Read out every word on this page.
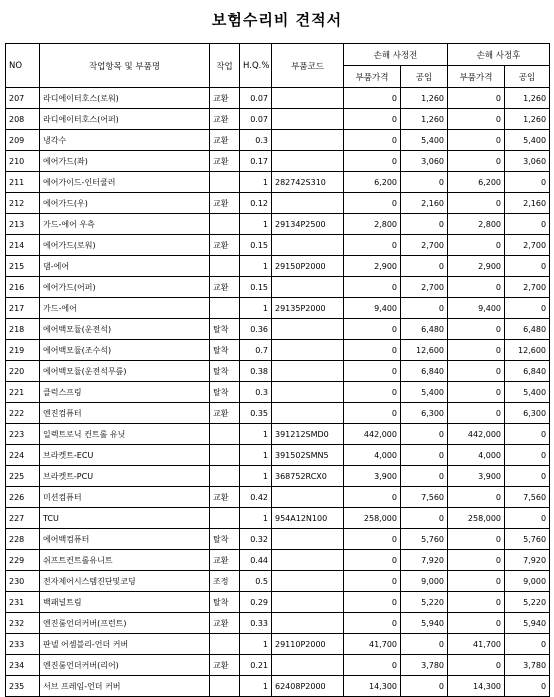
보험수리비 견적서
NO	작업항목 및 부품명	작업	H.Q.%	부품코드	손해 사정전		손해 사정후	
					부품가격	공임	부품가격	공임
207	라디에이터호스(로워)	교환	0.07		0	1,260	0	1,260
208	라디에이터호스(어퍼)	교환	0.07		0	1,260	0	1,260
209	냉각수	교환	0.3		0	5,400	0	5,400
210	에어가드(좌)	교환	0.17		0	3,060	0	3,060
211	에어가이드-인터쿨러		1	282742S310	6,200	0	6,200	0
212	에어가드(우)	교환	0.12		0	2,160	0	2,160
213	가드-에어 우측		1	29134P2500	2,800	0	2,800	0
214	에어가드(로워)	교환	0.15		0	2,700	0	2,700
215	댐-에어		1	29150P2000	2,900	0	2,900	0
216	에어가드(어퍼)	교환	0.15		0	2,700	0	2,700
217	가드-에어		1	29135P2000	9,400	0	9,400	0
218	에어백모듈(운전석)	탈착	0.36		0	6,480	0	6,480
219	에어백모듈(조수석)	탈착	0.7		0	12,600	0	12,600
220	에어백모듈(운전석무릎)	탈착	0.38		0	6,840	0	6,840
221	클럭스프링	탈착	0.3		0	5,400	0	5,400
222	엔진컴퓨터	교환	0.35		0	6,300	0	6,300
223	일렉트로닉 컨트롤 유닛		1	391212SMD0	442,000	0	442,000	0
224	브라켓트-ECU		1	391502SMN5	4,000	0	4,000	0
225	브라켓트-PCU		1	368752RCX0	3,900	0	3,900	0
226	미션컴퓨터	교환	0.42		0	7,560	0	7,560
227	TCU		1	954A12N100	258,000	0	258,000	0
228	에어백컴퓨터	탈착	0.32		0	5,760	0	5,760
229	쉬프트컨트롤유니트	교환	0.44		0	7,920	0	7,920
230	전자제어시스템진단및코딩	조정	0.5		0	9,000	0	9,000
231	백패널트림	탈착	0.29		0	5,220	0	5,220
232	엔진룸언더커버(프런트)	교환	0.33		0	5,940	0	5,940
233	판넬 어셈블리-언더 커버		1	29110P2000	41,700	0	41,700	0
234	엔진룸언더커버(리어)	교환	0.21		0	3,780	0	3,780
235	서브 프레임-언더 커버		1	62408P2000	14,300	0	14,300	0
